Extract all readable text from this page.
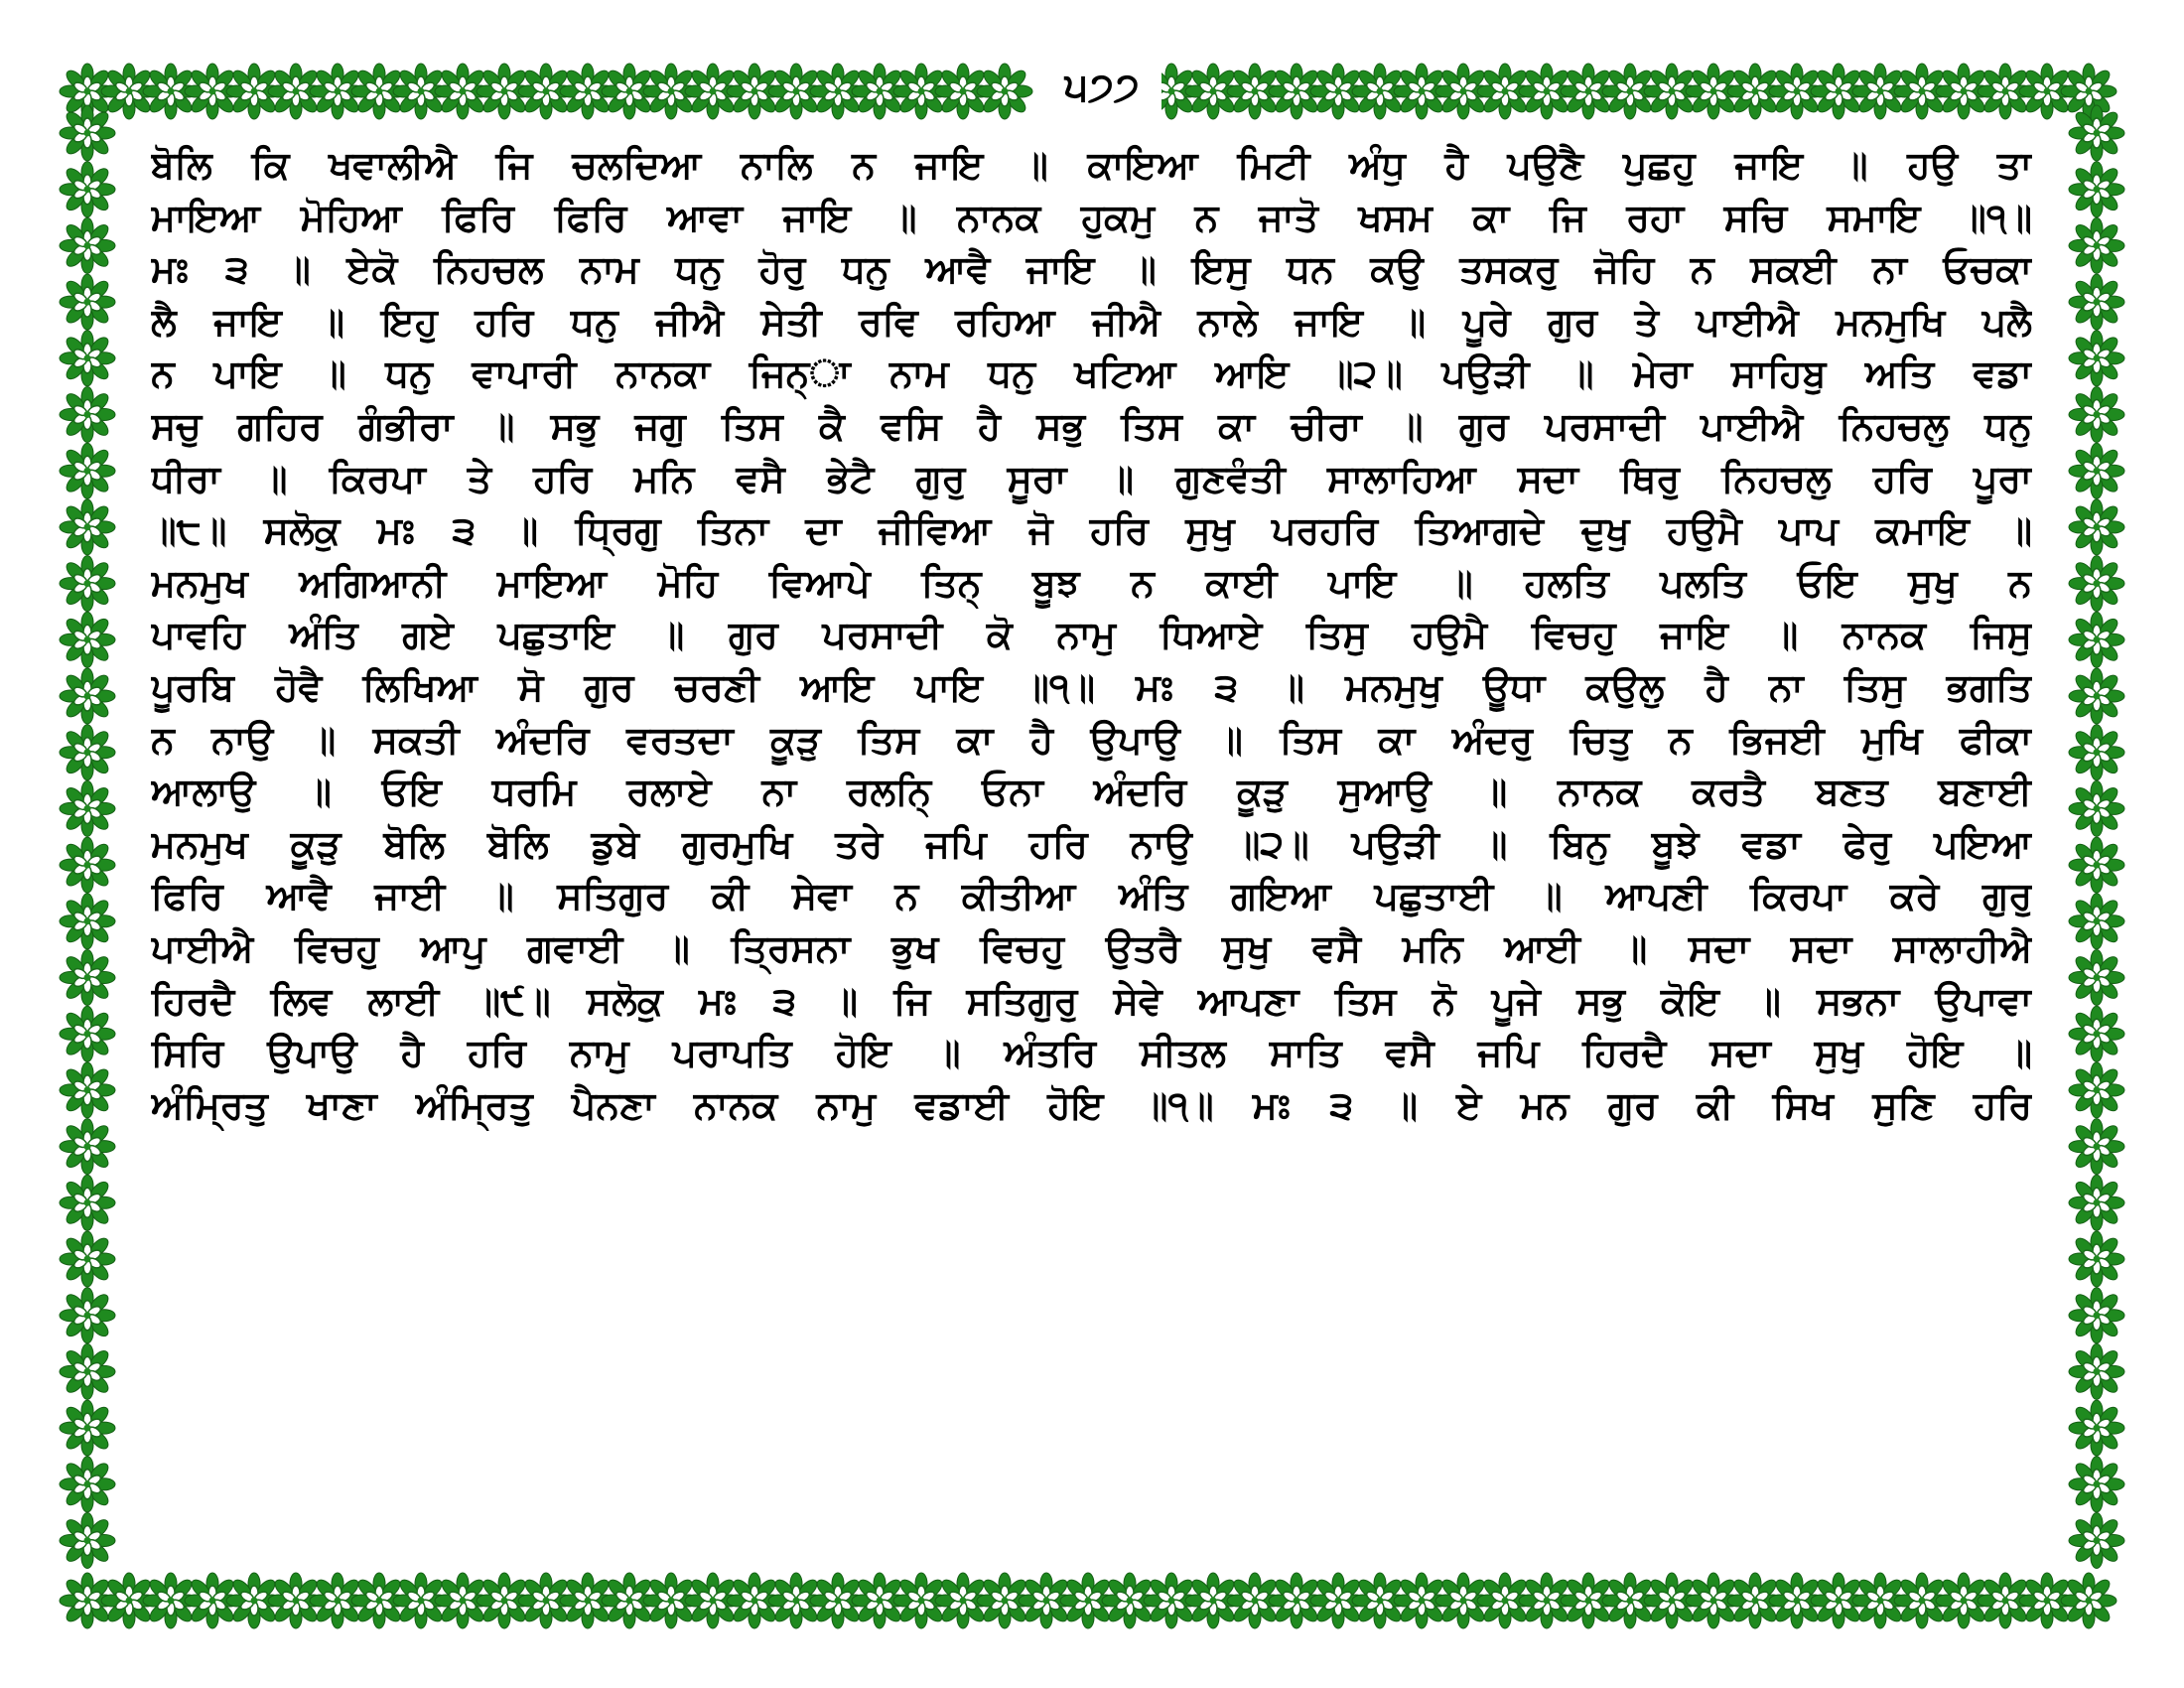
੫੭੭
ਬੋਲਿ ਕਿ ਖਵਾਲੀਐ ਜਿ ਚਲਦਿਆ ਨਾਲਿ ਨ ਜਾਇ ॥ ਕਾਇਆ ਮਿਟੀ ਅੰਧੁ ਹੈ ਪਉਣੈ ਪੁਛਹੁ ਜਾਇ ॥ ਹਉ ਤਾ
ਮਾਇਆ ਮੋਹਿਆ ਫਿਰਿ ਫਿਰਿ ਆਵਾ ਜਾਇ ॥ ਨਾਨਕ ਹੁਕਮੁ ਨ ਜਾਤੋ ਖਸਮ ਕਾ ਜਿ ਰਹਾ ਸਚਿ ਸਮਾਇ ॥੧॥
ਮਃ ੩ ॥ ਏਕੋ ਨਿਹਚਲ ਨਾਮ ਧਨੁ ਹੋਰੁ ਧਨੁ ਆਵੈ ਜਾਇ ॥ ਇਸੁ ਧਨ ਕਉ ਤਸਕਰੁ ਜੋਹਿ ਨ ਸਕਈ ਨਾ ਓਚਕਾ
ਲੈ ਜਾਇ ॥ ਇਹੁ ਹਰਿ ਧਨੁ ਜੀਐ ਸੇਤੀ ਰਵਿ ਰਹਿਆ ਜੀਐ ਨਾਲੇ ਜਾਇ ॥ ਪੂਰੇ ਗੁਰ ਤੇ ਪਾਈਐ ਮਨਮੁਖਿ ਪਲੈ
ਨ ਪਾਇ ॥ ਧਨੁ ਵਾਪਾਰੀ ਨਾਨਕਾ ਜਿਨ੍ਾ ਨਾਮ ਧਨੁ ਖਟਿਆ ਆਇ ॥੨॥ ਪਉੜੀ ॥ ਮੇਰਾ ਸਾਹਿਬੁ ਅਤਿ ਵਡਾ
ਸਚੁ ਗਹਿਰ ਗੰਭੀਰਾ ॥ ਸਭੁ ਜਗੁ ਤਿਸ ਕੈ ਵਸਿ ਹੈ ਸਭੁ ਤਿਸ ਕਾ ਚੀਰਾ ॥ ਗੁਰ ਪਰਸਾਦੀ ਪਾਈਐ ਨਿਹਚਲੁ ਧਨੁ
ਧੀਰਾ ॥ ਕਿਰਪਾ ਤੇ ਹਰਿ ਮਨਿ ਵਸੈ ਭੇਟੈ ਗੁਰੁ ਸੂਰਾ ॥ ਗੁਣਵੰਤੀ ਸਾਲਾਹਿਆ ਸਦਾ ਥਿਰੁ ਨਿਹਚਲੁ ਹਰਿ ਪੂਰਾ
॥੮॥ ਸਲੋਕੁ ਮਃ ੩ ॥ ਧ੍ਰਿਗੁ ਤਿਨਾ ਦਾ ਜੀਵਿਆ ਜੋ ਹਰਿ ਸੁਖੁ ਪਰਹਰਿ ਤਿਆਗਦੇ ਦੁਖੁ ਹਉਮੈ ਪਾਪ ਕਮਾਇ ॥
ਮਨਮੁਖ ਅਗਿਆਨੀ ਮਾਇਆ ਮੋਹਿ ਵਿਆਪੇ ਤਿਨ੍ ਬੂਝ ਨ ਕਾਈ ਪਾਇ ॥ ਹਲਤਿ ਪਲਤਿ ਓਇ ਸੁਖੁ ਨ
ਪਾਵਹਿ ਅੰਤਿ ਗਏ ਪਛੁਤਾਇ ॥ ਗੁਰ ਪਰਸਾਦੀ ਕੋ ਨਾਮੁ ਧਿਆਏ ਤਿਸੁ ਹਉਮੈ ਵਿਚਹੁ ਜਾਇ ॥ ਨਾਨਕ ਜਿਸੁ
ਪੂਰਬਿ ਹੋਵੈ ਲਿਖਿਆ ਸੋ ਗੁਰ ਚਰਣੀ ਆਇ ਪਾਇ ॥੧॥ ਮਃ ੩ ॥ ਮਨਮੁਖੁ ਊਧਾ ਕਉਲੁ ਹੈ ਨਾ ਤਿਸੁ ਭਗਤਿ
ਨ ਨਾਉ ॥ ਸਕਤੀ ਅੰਦਰਿ ਵਰਤਦਾ ਕੂੜੁ ਤਿਸ ਕਾ ਹੈ ਉਪਾਉ ॥ ਤਿਸ ਕਾ ਅੰਦਰੁ ਚਿਤੁ ਨ ਭਿਜਈ ਮੁਖਿ ਫੀਕਾ
ਆਲਾਉ ॥ ਓਇ ਧਰਮਿ ਰਲਾਏ ਨਾ ਰਲਨਿ੍ ਓਨਾ ਅੰਦਰਿ ਕੂੜੁ ਸੁਆਉ ॥ ਨਾਨਕ ਕਰਤੈ ਬਣਤ ਬਣਾਈ
ਮਨਮੁਖ ਕੂੜੁ ਬੋਲਿ ਬੋਲਿ ਡੁਬੇ ਗੁਰਮੁਖਿ ਤਰੇ ਜਪਿ ਹਰਿ ਨਾਉ ॥੨॥ ਪਉੜੀ ॥ ਬਿਨੁ ਬੂਝੇ ਵਡਾ ਫੇਰੁ ਪਇਆ
ਫਿਰਿ ਆਵੈ ਜਾਈ ॥ ਸਤਿਗੁਰ ਕੀ ਸੇਵਾ ਨ ਕੀਤੀਆ ਅੰਤਿ ਗਇਆ ਪਛੁਤਾਈ ॥ ਆਪਣੀ ਕਿਰਪਾ ਕਰੇ ਗੁਰੁ
ਪਾਈਐ ਵਿਚਹੁ ਆਪੁ ਗਵਾਈ ॥ ਤ੍ਰਿਸਨਾ ਭੁਖ ਵਿਚਹੁ ਉਤਰੈ ਸੁਖੁ ਵਸੈ ਮਨਿ ਆਈ ॥ ਸਦਾ ਸਦਾ ਸਾਲਾਹੀਐ
ਹਿਰਦੈ ਲਿਵ ਲਾਈ ॥੯॥ ਸਲੋਕੁ ਮਃ ੩ ॥ ਜਿ ਸਤਿਗੁਰੁ ਸੇਵੇ ਆਪਣਾ ਤਿਸ ਨੋ ਪੂਜੇ ਸਭੁ ਕੋਇ ॥ ਸਭਨਾ ਉਪਾਵਾ
ਸਿਰਿ ਉਪਾਉ ਹੈ ਹਰਿ ਨਾਮੁ ਪਰਾਪਤਿ ਹੋਇ ॥ ਅੰਤਰਿ ਸੀਤਲ ਸਾਤਿ ਵਸੈ ਜਪਿ ਹਿਰਦੈ ਸਦਾ ਸੁਖੁ ਹੋਇ ॥
ਅੰਮ੍ਰਿਤੁ ਖਾਣਾ ਅੰਮ੍ਰਿਤੁ ਪੈਨਣਾ ਨਾਨਕ ਨਾਮੁ ਵਡਾਈ ਹੋਇ ॥੧॥ ਮਃ ੩ ॥ ਏ ਮਨ ਗੁਰ ਕੀ ਸਿਖ ਸੁਣਿ ਹਰਿ
